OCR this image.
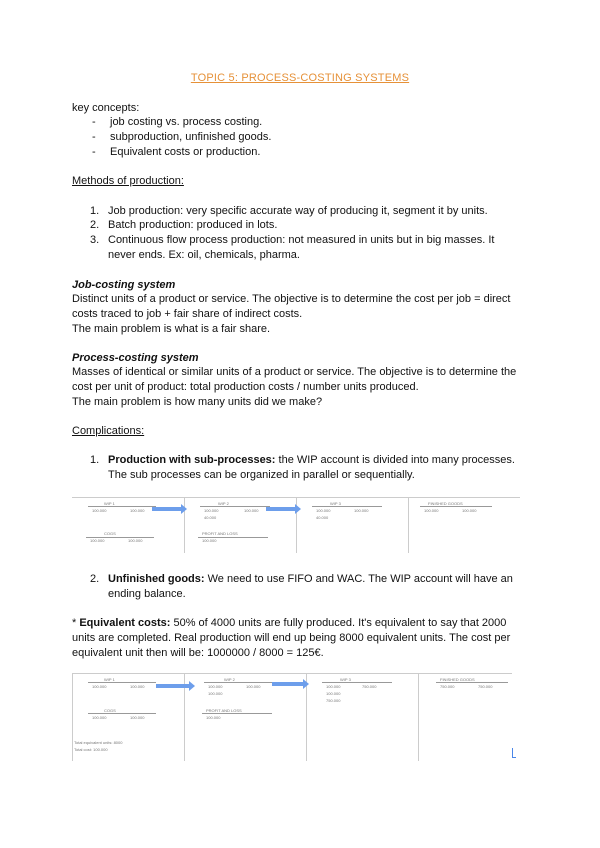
TOPIC 5: PROCESS-COSTING SYSTEMS
key concepts:
- job costing vs. process costing.
- subproduction, unfinished goods.
- Equivalent costs or production.
Methods of production:
1. Job production: very specific accurate way of producing it, segment it by units.
2. Batch production: produced in lots.
3. Continuous flow process production: not measured in units but in big masses. It
never ends. Ex: oil, chemicals, pharma.
Job-costing system
Distinct units of a product or service. The objective is to determine the cost per job = direct
costs traced to job + fair share of indirect costs.
The main problem is what is a fair share.
Process-costing system
Masses of identical or similar units of a product or service. The objective is to determine the
cost per unit of product: total production costs / number units produced.
The main problem is how many units did we make?
Complications:
1. Production with sub-processes: the WIP account is divided into many processes.
The sub processes can be organized in parallel or sequentially.
WIP 1
100.000	100.000
WIP 2
100.000	100.000
40.000
WIP 3
100.000	100.000
40.000
FINISHED GOODS
100.000	100.000
COGS
100.000	100.000
PROFIT AND LOSS
100.000
2. Unfinished goods: We need to use FIFO and WAC. The WIP account will have an
ending balance.
* Equivalent costs: 50% of 4000 units are fully produced. It's equivalent to say that 2000
units are completed. Real production will end up being 8000 equivalent units. The cost per
equivalent unit then will be: 1000000 / 8000 = 125€.
WIP 1
100.000	100.000
WIP 2
100.000	100.000
100.000
WIP 3
100.000	750.000
100.000
750.000
FINISHED GOODS
750.000	750.000
COGS
100.000	100.000
PROFIT AND LOSS
100.000
Total equivalent units: 8000
Total cost: 100.000
